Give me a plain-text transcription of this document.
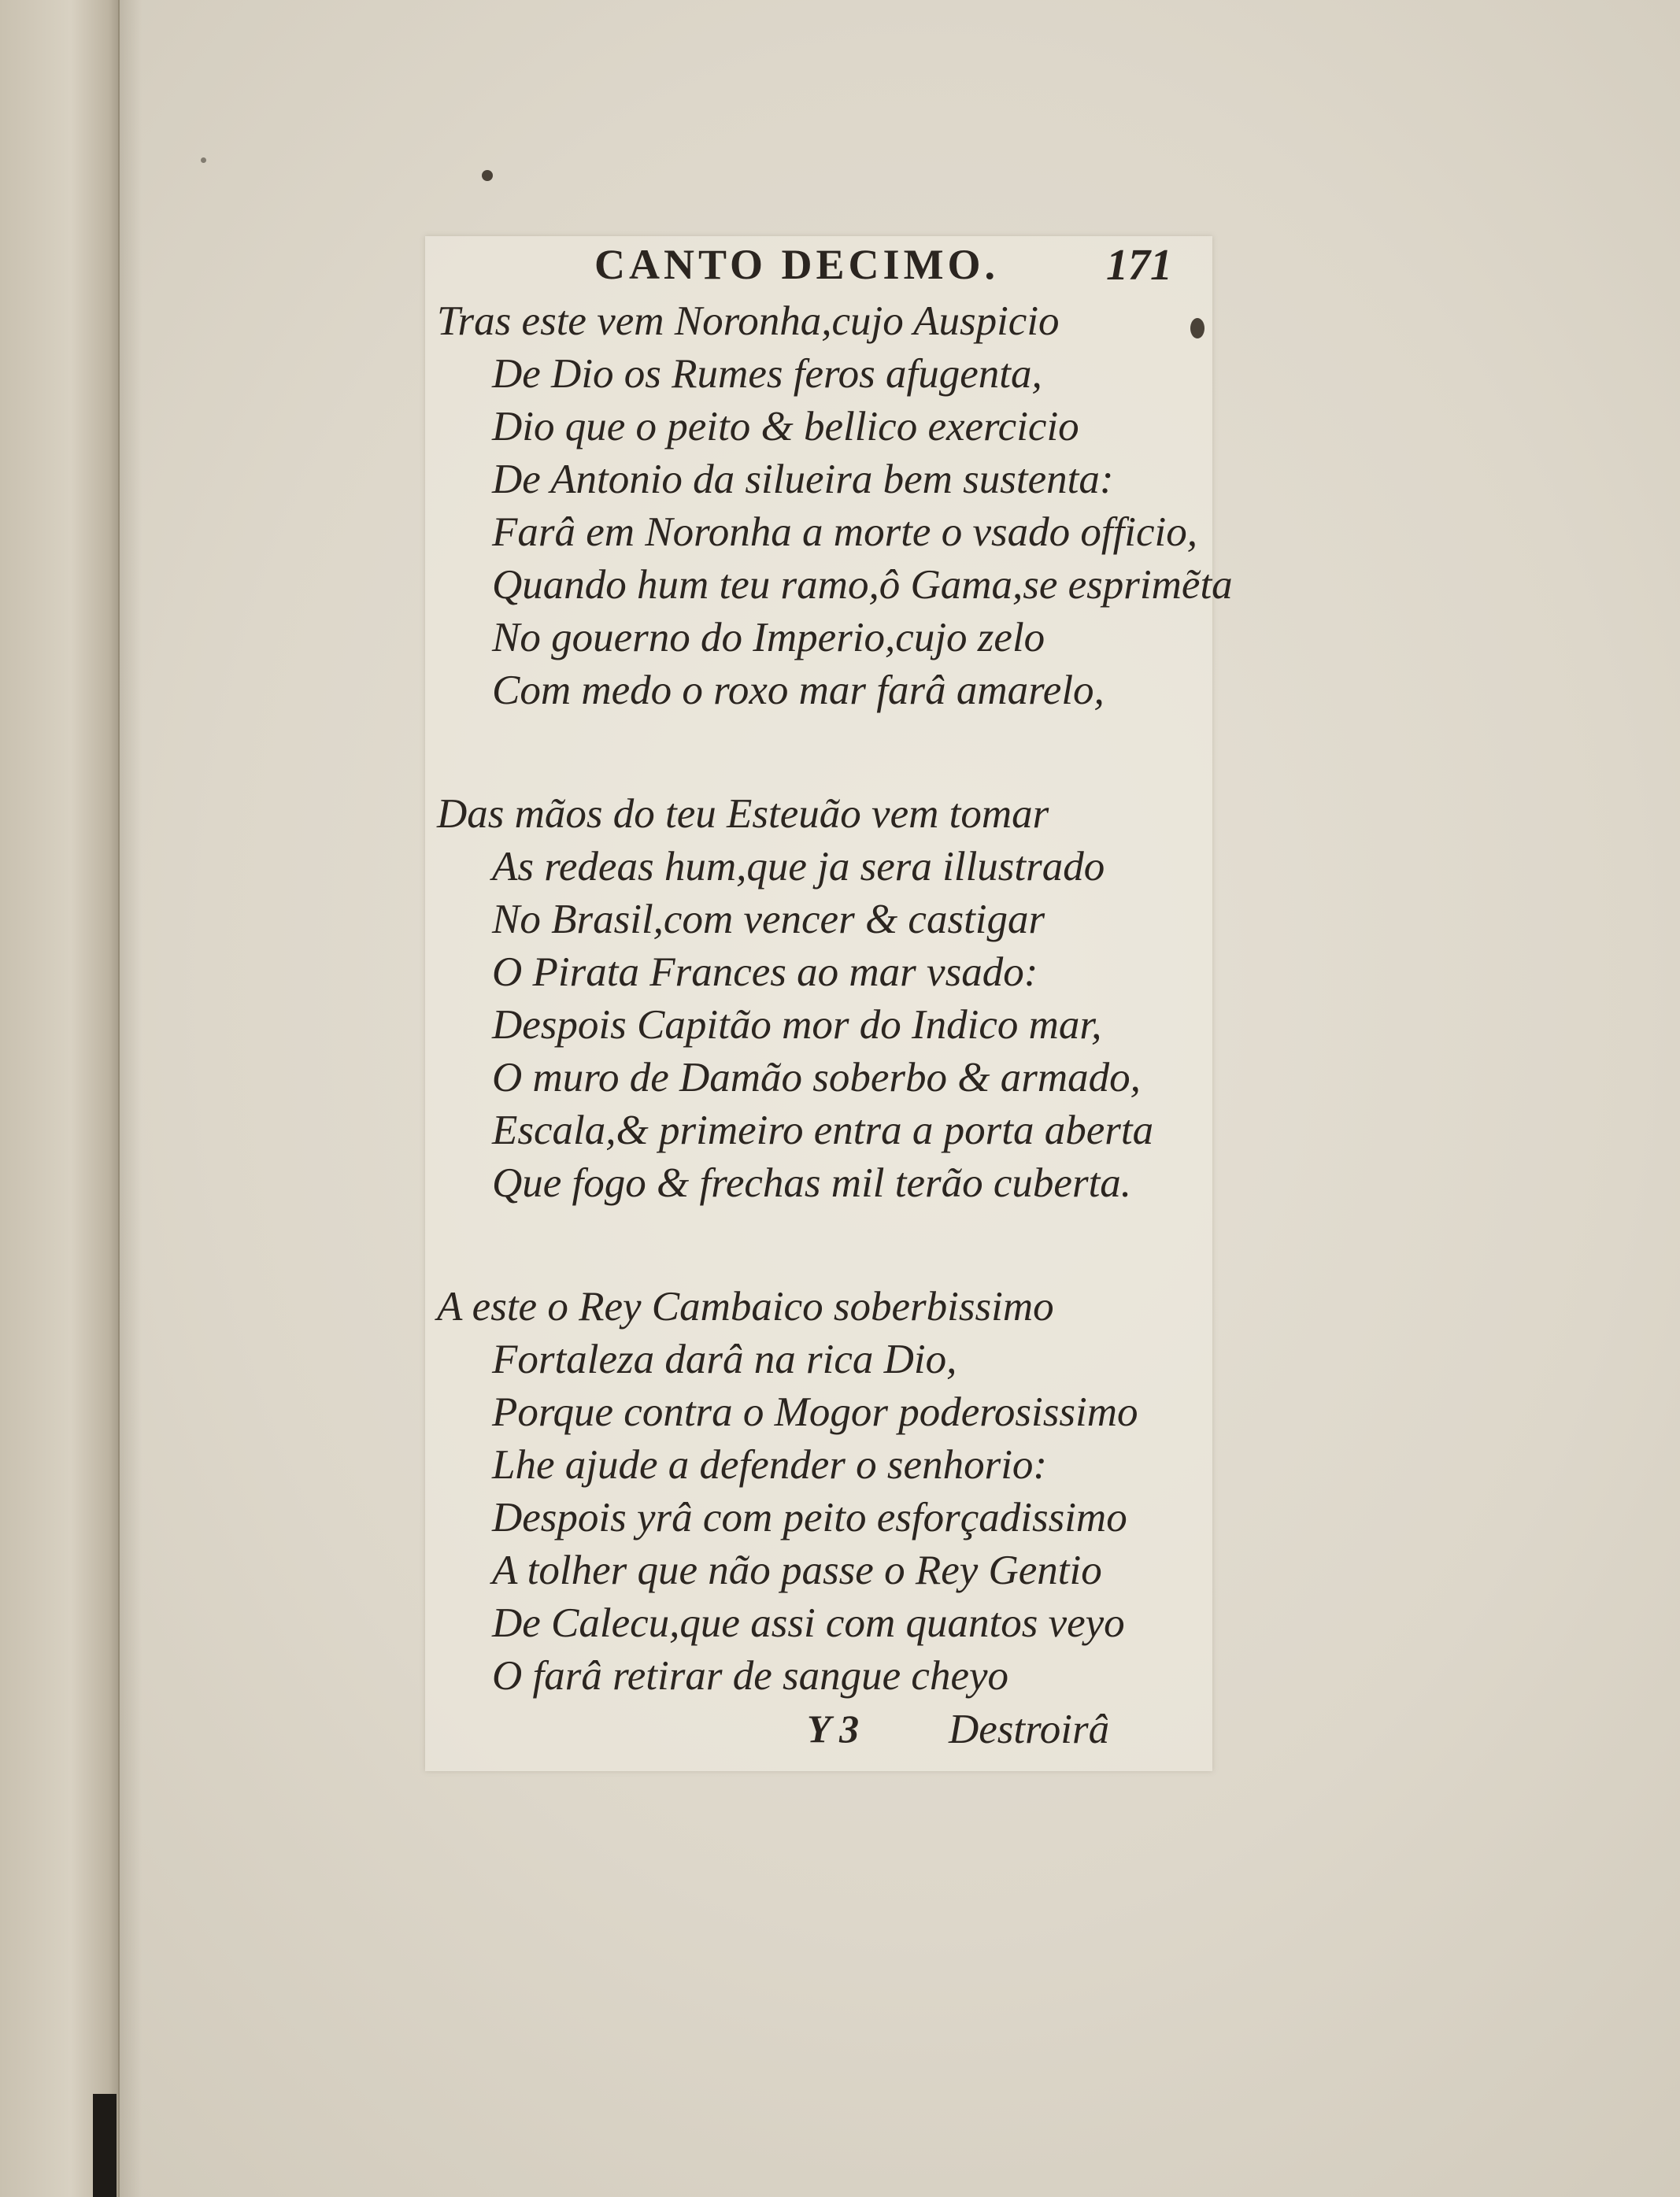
CANTO DECIMO. 171
Tras este vem Noronha,cujo Auspicio
De Dio os Rumes feros afugenta,
Dio que o peito & bellico exercicio
De Antonio da silueira bem sustenta:
Farâ em Noronha a morte o vsado officio,
Quando hum teu ramo,ô Gama,se esprimẽta
No gouerno do Imperio,cujo zelo
Com medo o roxo mar farâ amarelo,
Das mãos do teu Esteuão vem tomar
As redeas hum,que ja sera illustrado
No Brasil,com vencer & castigar
O Pirata Frances ao mar vsado:
Despois Capitão mor do Indico mar,
O muro de Damão soberbo & armado,
Escala,& primeiro entra a porta aberta
Que fogo & frechas mil terão cuberta.
A este o Rey Cambaico soberbissimo
Fortaleza darâ na rica Dio,
Porque contra o Mogor poderosissimo
Lhe ajude a defender o senhorio:
Despois yrâ com peito esforçadissimo
A tolher que não passe o Rey Gentio
De Calecu,que assi com quantos veyo
O farâ retirar de sangue cheyo
Y 3 Destroirâ
